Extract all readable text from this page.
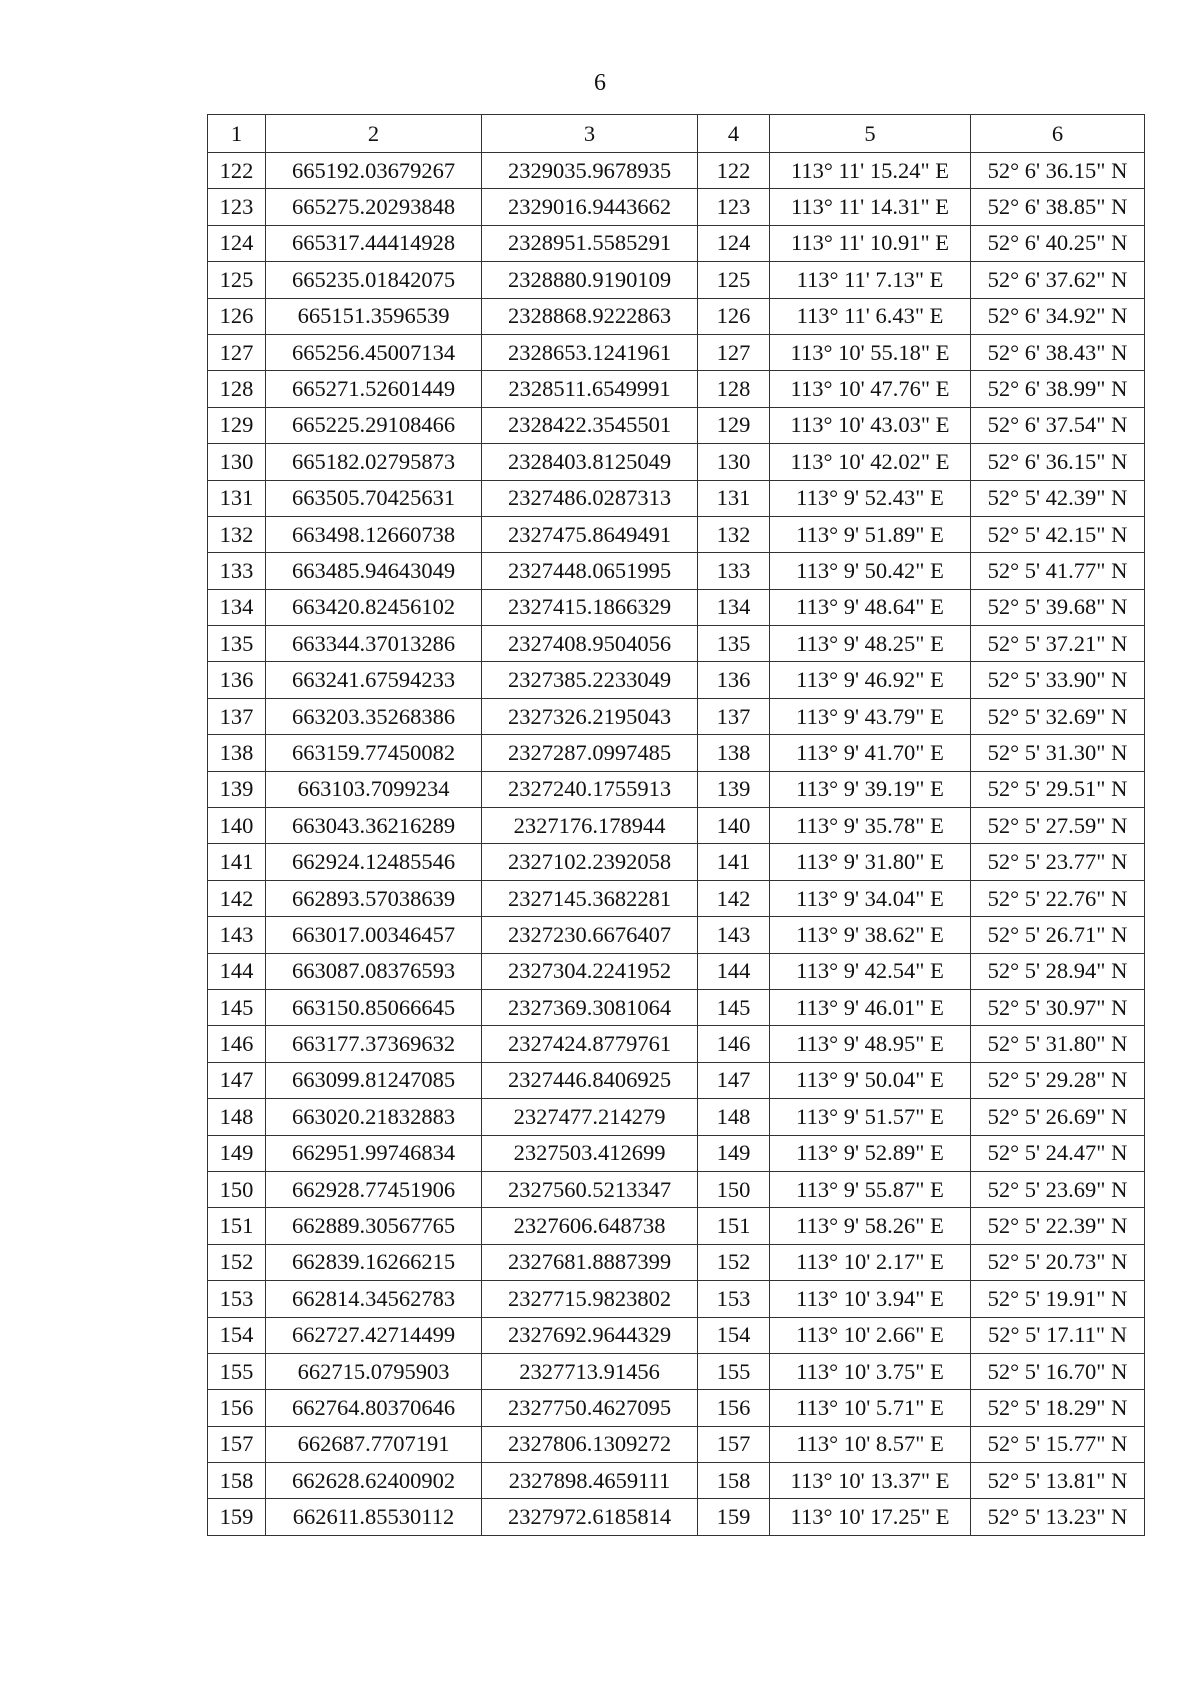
6
1	2	3	4	5	6
122	665192.03679267	2329035.9678935	122	113° 11' 15.24" E	52° 6' 36.15" N
123	665275.20293848	2329016.9443662	123	113° 11' 14.31" E	52° 6' 38.85" N
124	665317.44414928	2328951.5585291	124	113° 11' 10.91" E	52° 6' 40.25" N
125	665235.01842075	2328880.9190109	125	113° 11' 7.13" E	52° 6' 37.62" N
126	665151.3596539	2328868.9222863	126	113° 11' 6.43" E	52° 6' 34.92" N
127	665256.45007134	2328653.1241961	127	113° 10' 55.18" E	52° 6' 38.43" N
128	665271.52601449	2328511.6549991	128	113° 10' 47.76" E	52° 6' 38.99" N
129	665225.29108466	2328422.3545501	129	113° 10' 43.03" E	52° 6' 37.54" N
130	665182.02795873	2328403.8125049	130	113° 10' 42.02" E	52° 6' 36.15" N
131	663505.70425631	2327486.0287313	131	113° 9' 52.43" E	52° 5' 42.39" N
132	663498.12660738	2327475.8649491	132	113° 9' 51.89" E	52° 5' 42.15" N
133	663485.94643049	2327448.0651995	133	113° 9' 50.42" E	52° 5' 41.77" N
134	663420.82456102	2327415.1866329	134	113° 9' 48.64" E	52° 5' 39.68" N
135	663344.37013286	2327408.9504056	135	113° 9' 48.25" E	52° 5' 37.21" N
136	663241.67594233	2327385.2233049	136	113° 9' 46.92" E	52° 5' 33.90" N
137	663203.35268386	2327326.2195043	137	113° 9' 43.79" E	52° 5' 32.69" N
138	663159.77450082	2327287.0997485	138	113° 9' 41.70" E	52° 5' 31.30" N
139	663103.7099234	2327240.1755913	139	113° 9' 39.19" E	52° 5' 29.51" N
140	663043.36216289	2327176.178944	140	113° 9' 35.78" E	52° 5' 27.59" N
141	662924.12485546	2327102.2392058	141	113° 9' 31.80" E	52° 5' 23.77" N
142	662893.57038639	2327145.3682281	142	113° 9' 34.04" E	52° 5' 22.76" N
143	663017.00346457	2327230.6676407	143	113° 9' 38.62" E	52° 5' 26.71" N
144	663087.08376593	2327304.2241952	144	113° 9' 42.54" E	52° 5' 28.94" N
145	663150.85066645	2327369.3081064	145	113° 9' 46.01" E	52° 5' 30.97" N
146	663177.37369632	2327424.8779761	146	113° 9' 48.95" E	52° 5' 31.80" N
147	663099.81247085	2327446.8406925	147	113° 9' 50.04" E	52° 5' 29.28" N
148	663020.21832883	2327477.214279	148	113° 9' 51.57" E	52° 5' 26.69" N
149	662951.99746834	2327503.412699	149	113° 9' 52.89" E	52° 5' 24.47" N
150	662928.77451906	2327560.5213347	150	113° 9' 55.87" E	52° 5' 23.69" N
151	662889.30567765	2327606.648738	151	113° 9' 58.26" E	52° 5' 22.39" N
152	662839.16266215	2327681.8887399	152	113° 10' 2.17" E	52° 5' 20.73" N
153	662814.34562783	2327715.9823802	153	113° 10' 3.94" E	52° 5' 19.91" N
154	662727.42714499	2327692.9644329	154	113° 10' 2.66" E	52° 5' 17.11" N
155	662715.0795903	2327713.91456	155	113° 10' 3.75" E	52° 5' 16.70" N
156	662764.80370646	2327750.4627095	156	113° 10' 5.71" E	52° 5' 18.29" N
157	662687.7707191	2327806.1309272	157	113° 10' 8.57" E	52° 5' 15.77" N
158	662628.62400902	2327898.4659111	158	113° 10' 13.37" E	52° 5' 13.81" N
159	662611.85530112	2327972.6185814	159	113° 10' 17.25" E	52° 5' 13.23" N
